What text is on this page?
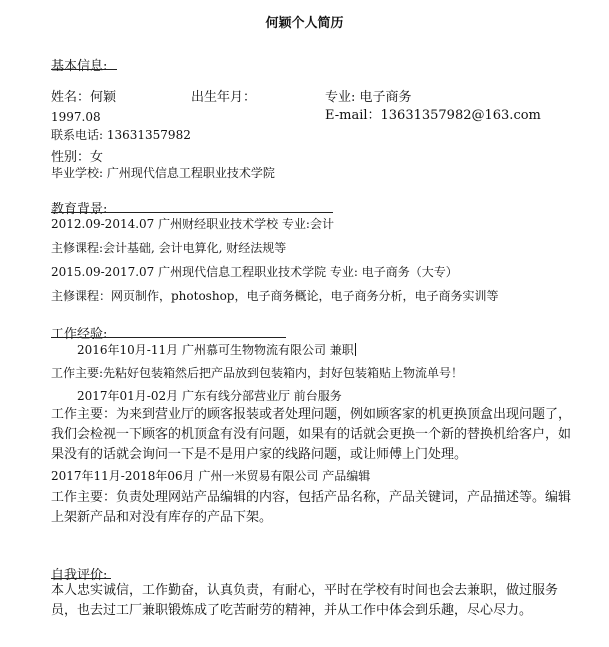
何颖个人简历
基本信息:
姓名：何颖	出生年月：	专业: 电子商务
E-mail：13631357982@163.com
1997.08
联系电话: 13631357982
性别：女
毕业学校: 广州现代信息工程职业技术学院
教育背景:
2012.09-2014.07 广州财经职业技术学校 专业:会计
主修课程:会计基础, 会计电算化, 财经法规等
2015.09-2017.07 广州现代信息工程职业技术学院 专业: 电子商务（大专）
主修课程：网页制作，photoshop，电子商务概论，电子商务分析，电子商务实训等
工作经验:
2016年10月-11月 广州慕可生物物流有限公司 兼职
工作主要:先粘好包装箱然后把产品放到包装箱内，封好包装箱贴上物流单号！
2017年01月-02月 广东有线分部营业厅 前台服务
工作主要：为来到营业厅的顾客报装或者处理问题，例如顾客家的机更换顶盒出现问题了，我们会检视一下顾客的机顶盒有没有问题，如果有的话就会更换一个新的替换机给客户，如果没有的话就会询问一下是不是用户家的线路问题，或让师傅上门处理。
2017年11月-2018年06月 广州一米贸易有限公司 产品编辑
工作主要：负责处理网站产品编辑的内容，包括产品名称，产品关键词，产品描述等。编辑上架新产品和对没有库存的产品下架。
自我评价:
本人忠实诚信，工作勤奋，认真负责，有耐心，平时在学校有时间也会去兼职，做过服务员，也去过工厂兼职锻炼成了吃苦耐劳的精神，并从工作中体会到乐趣，尽心尽力。
